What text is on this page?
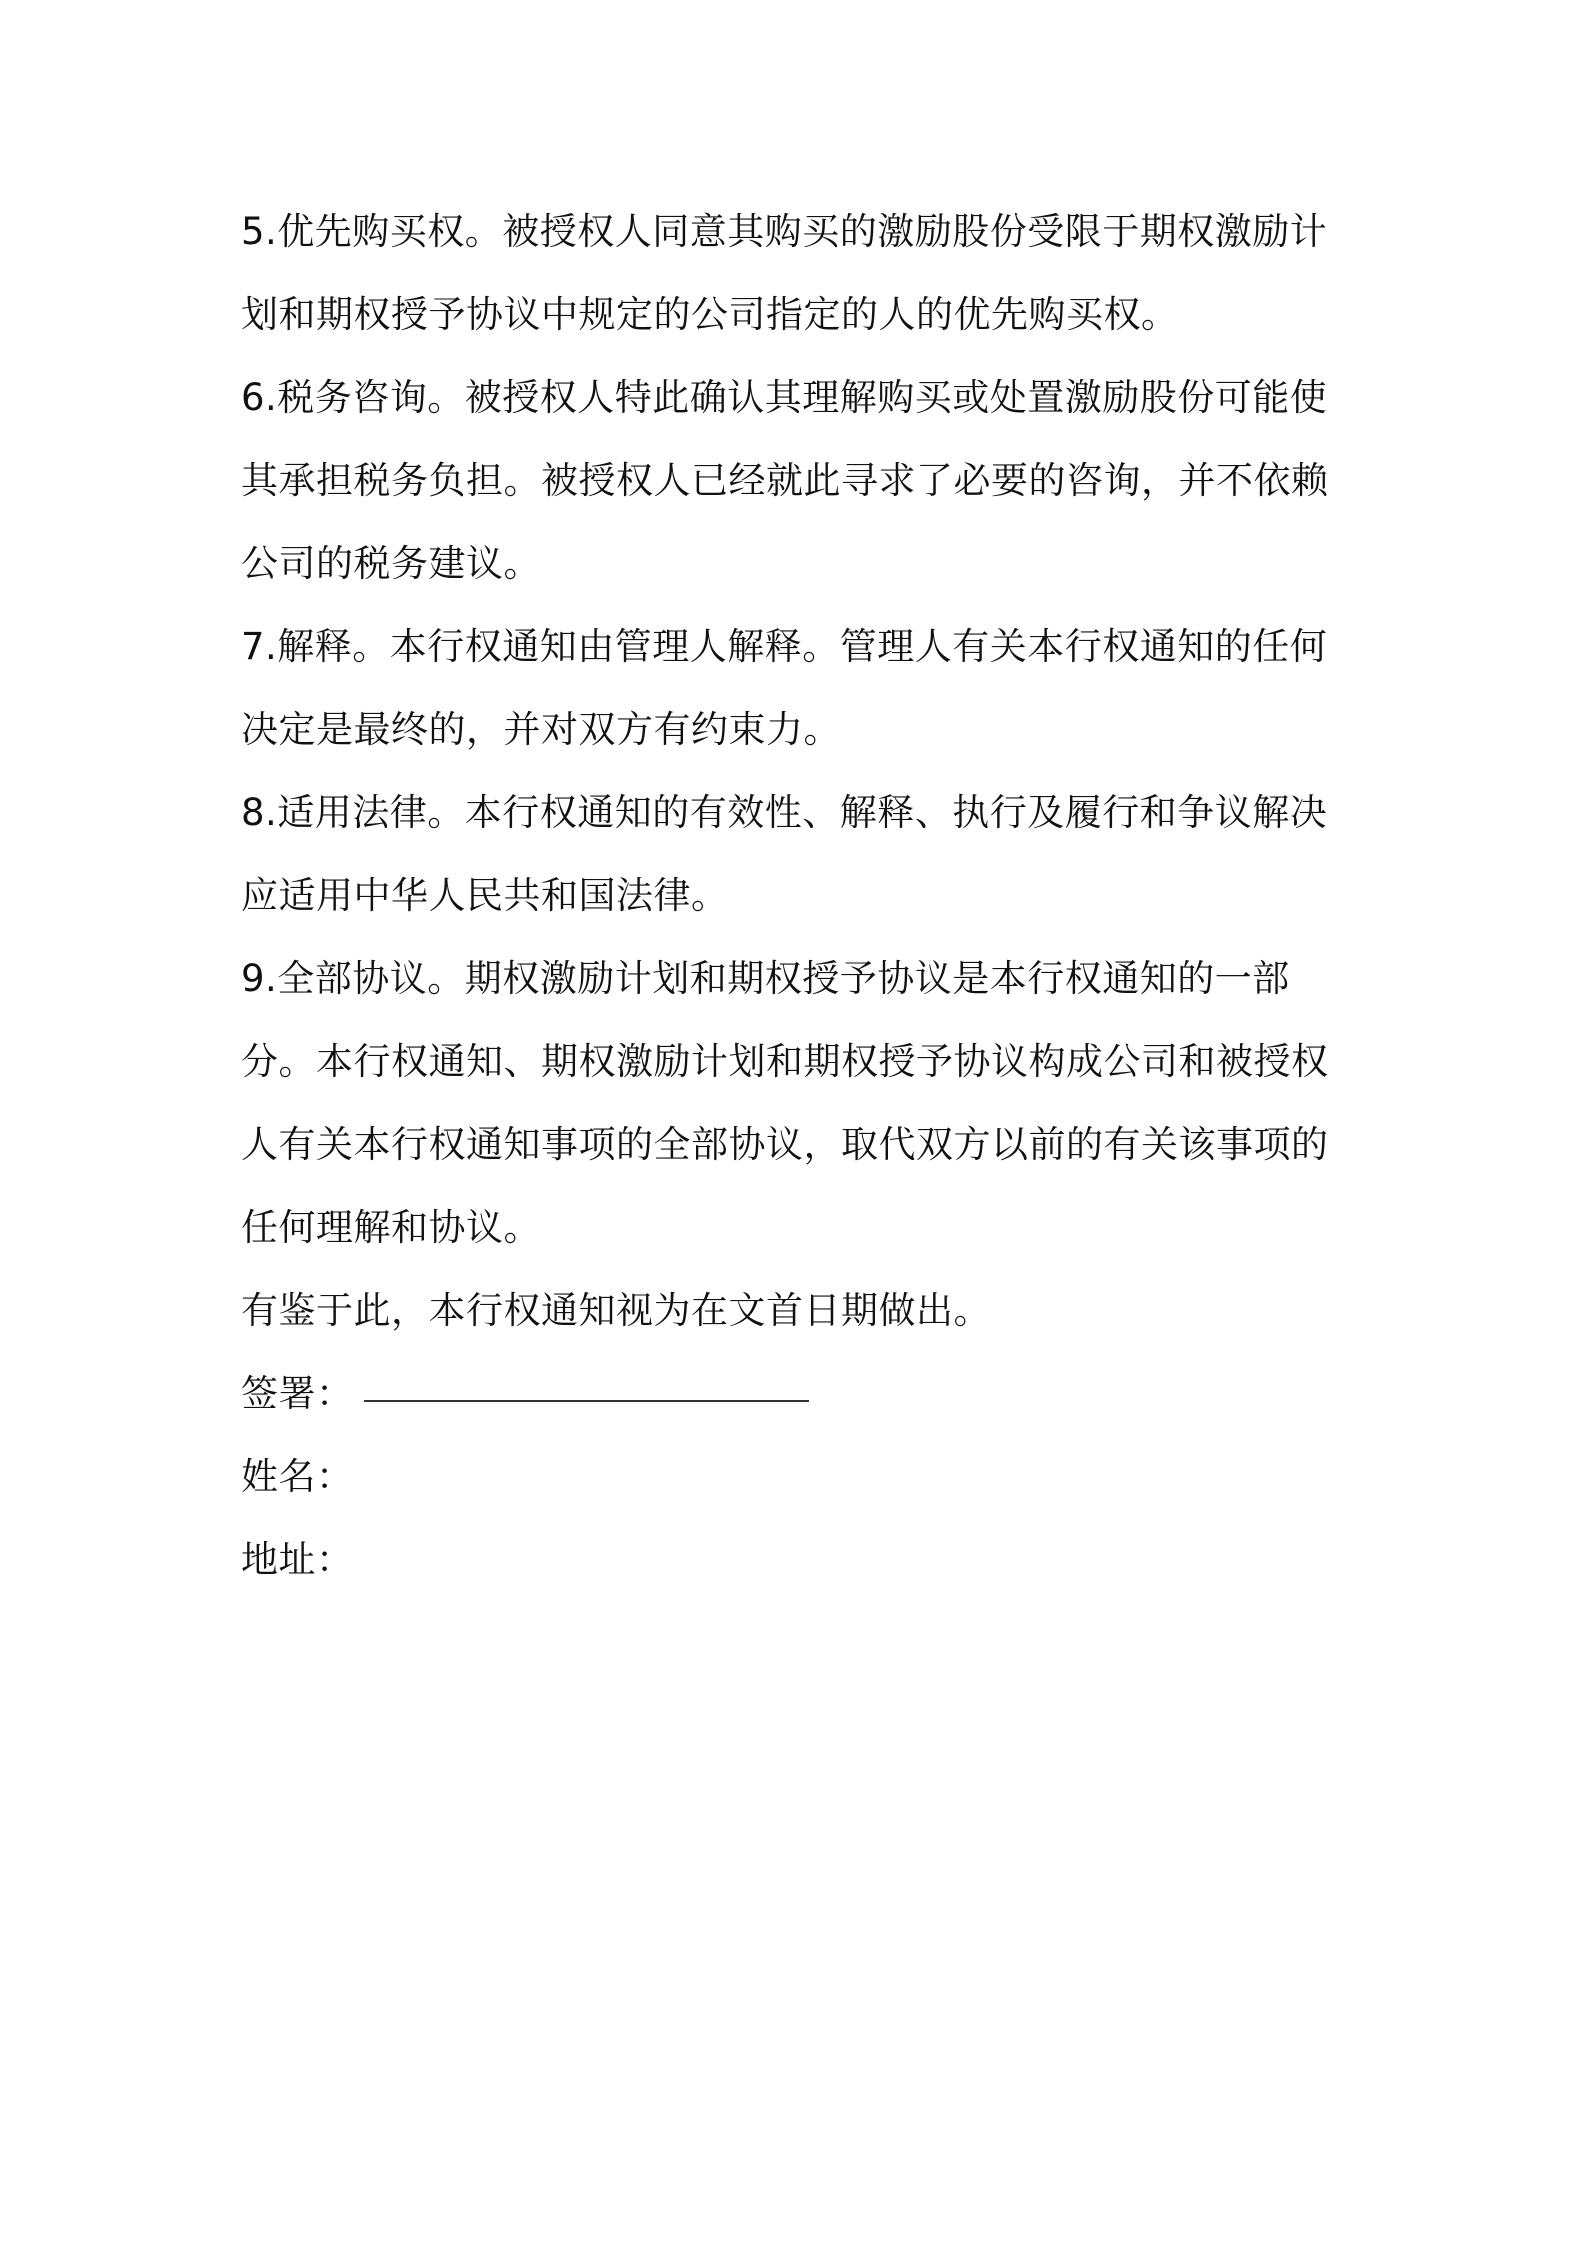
5.优先购买权。被授权人同意其购买的激励股份受限于期权激励计
划和期权授予协议中规定的公司指定的人的优先购买权。
6.税务咨询。被授权人特此确认其理解购买或处置激励股份可能使
其承担税务负担。被授权人已经就此寻求了必要的咨询，并不依赖
公司的税务建议。
7.解释。本行权通知由管理人解释。管理人有关本行权通知的任何
决定是最终的，并对双方有约束力。
8.适用法律。本行权通知的有效性、解释、执行及履行和争议解决
应适用中华人民共和国法律。
9.全部协议。期权激励计划和期权授予协议是本行权通知的一部
分。本行权通知、期权激励计划和期权授予协议构成公司和被授权
人有关本行权通知事项的全部协议，取代双方以前的有关该事项的
任何理解和协议。
有鉴于此，本行权通知视为在文首日期做出。
签署：
姓名：
地址：
